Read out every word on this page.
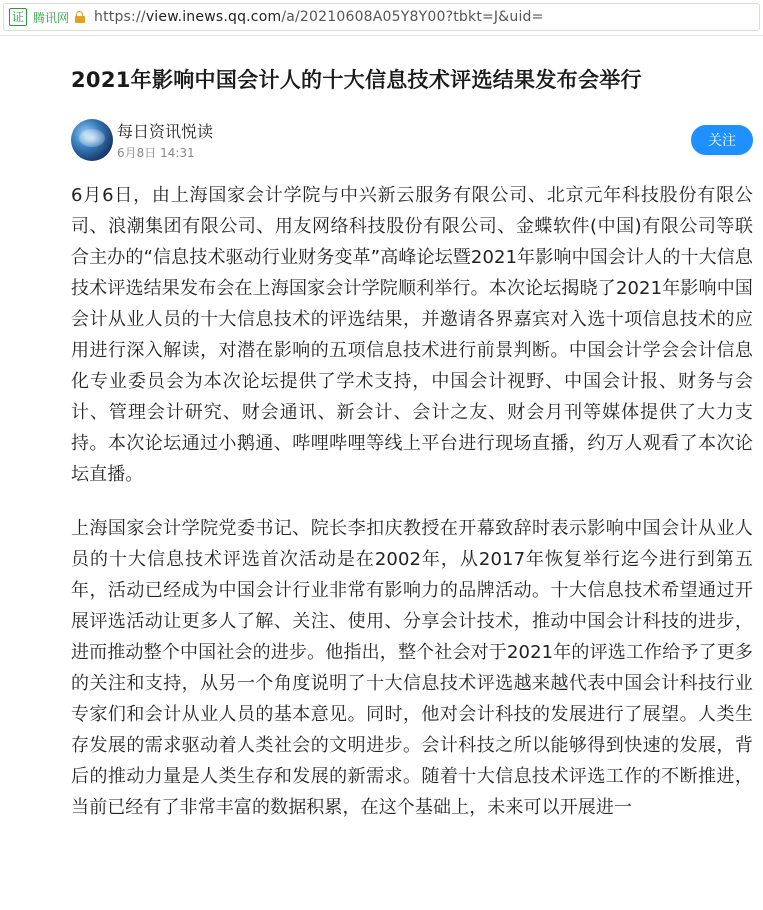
证 腾讯网 https://view.inews.qq.com/a/20210608A05Y8Y00?tbkt=J&uid=
2021年影响中国会计人的十大信息技术评选结果发布会举行
每日资讯悦读
6月8日 14:31
关注

6月6日，由上海国家会计学院与中兴新云服务有限公司、北京元年科技股份有限公司、浪潮集团有限公司、用友网络科技股份有限公司、金蝶软件(中国)有限公司等联合主办的“信息技术驱动行业财务变革”高峰论坛暨2021年影响中国会计人的十大信息技术评选结果发布会在上海国家会计学院顺利举行。本次论坛揭晓了2021年影响中国会计从业人员的十大信息技术的评选结果，并邀请各界嘉宾对入选十项信息技术的应用进行深入解读，对潜在影响的五项信息技术进行前景判断。中国会计学会会计信息化专业委员会为本次论坛提供了学术支持，中国会计视野、中国会计报、财务与会计、管理会计研究、财会通讯、新会计、会计之友、财会月刊等媒体提供了大力支持。本次论坛通过小鹅通、哔哩哔哩等线上平台进行现场直播，约万人观看了本次论坛直播。

上海国家会计学院党委书记、院长李扣庆教授在开幕致辞时表示影响中国会计从业人员的十大信息技术评选首次活动是在2002年，从2017年恢复举行迄今进行到第五年，活动已经成为中国会计行业非常有影响力的品牌活动。十大信息技术希望通过开展评选活动让更多人了解、关注、使用、分享会计技术，推动中国会计科技的进步，进而推动整个中国社会的进步。他指出，整个社会对于2021年的评选工作给予了更多的关注和支持，从另一个角度说明了十大信息技术评选越来越代表中国会计科技行业专家们和会计从业人员的基本意见。同时，他对会计科技的发展进行了展望。人类生存发展的需求驱动着人类社会的文明进步。会计科技之所以能够得到快速的发展，背后的推动力量是人类生存和发展的新需求。随着十大信息技术评选工作的不断推进，当前已经有了非常丰富的数据积累，在这个基础上，未来可以开展进一
